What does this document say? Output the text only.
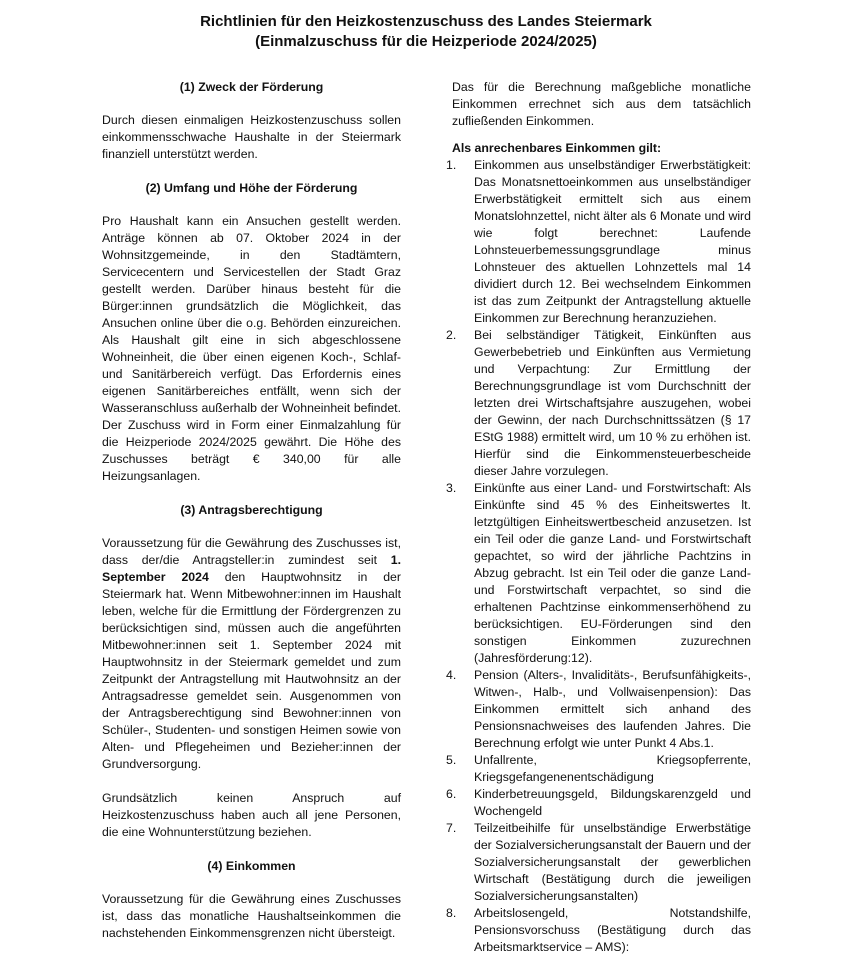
Richtlinien für den Heizkostenzuschuss des Landes Steiermark
(Einmalzuschuss für die Heizperiode 2024/2025)
(1) Zweck der Förderung

Durch diesen einmaligen Heizkostenzuschuss sollen einkommensschwache Haushalte in der Steiermark finanziell unterstützt werden.

(2) Umfang und Höhe der Förderung

Pro Haushalt kann ein Ansuchen gestellt werden. Anträge können ab 07. Oktober 2024 in der Wohnsitzgemeinde, in den Stadtämtern, Servicecentern und Servicestellen der Stadt Graz gestellt werden. Darüber hinaus besteht für die Bürger:innen grundsätzlich die Möglichkeit, das Ansuchen online über die o.g. Behörden einzureichen. Als Haushalt gilt eine in sich abgeschlossene Wohneinheit, die über einen eigenen Koch-, Schlaf- und Sanitärbereich verfügt. Das Erfordernis eines eigenen Sanitärbereiches entfällt, wenn sich der Wasseranschluss außerhalb der Wohneinheit befindet. Der Zuschuss wird in Form einer Einmalzahlung für die Heizperiode 2024/2025 gewährt. Die Höhe des Zuschusses beträgt € 340,00 für alle Heizungsanlagen.

(3) Antragsberechtigung

Voraussetzung für die Gewährung des Zuschusses ist, dass der/die Antragsteller:in zumindest seit 1. September 2024 den Hauptwohnsitz in der Steiermark hat. Wenn Mitbewohner:innen im Haushalt leben, welche für die Ermittlung der Fördergrenzen zu berücksichtigen sind, müssen auch die angeführten Mitbewohner:innen seit 1. September 2024 mit Hauptwohnsitz in der Steiermark gemeldet und zum Zeitpunkt der Antragstellung mit Hautwohnsitz an der Antragsadresse gemeldet sein. Ausgenommen von der Antragsberechtigung sind Bewohner:innen von Schüler-, Studenten- und sonstigen Heimen sowie von Alten- und Pflegeheimen und Bezieher:innen der Grundversorgung.

Grundsätzlich keinen Anspruch auf Heizkostenzuschuss haben auch all jene Personen, die eine Wohnunterstützung beziehen.

(4) Einkommen

Voraussetzung für die Gewährung eines Zuschusses ist, dass das monatliche Haushaltseinkommen die nachstehenden Einkommensgrenzen nicht übersteigt.

Das für die Berechnung maßgebliche monatliche Einkommen errechnet sich aus dem tatsächlich zufließenden Einkommen.

Als anrechenbares Einkommen gilt:
1.	Einkommen aus unselbständiger Erwerbstätigkeit: Das Monatsnettoeinkommen aus unselbständiger Erwerbstätigkeit ermittelt sich aus einem Monatslohnzettel, nicht älter als 6 Monate und wird wie folgt berechnet: Laufende Lohnsteuerbemessungsgrundlage minus Lohnsteuer des aktuellen Lohnzettels mal 14 dividiert durch 12. Bei wechselndem Einkommen ist das zum Zeitpunkt der Antragstellung aktuelle Einkommen zur Berechnung heranzuziehen.
2.	Bei selbständiger Tätigkeit, Einkünften aus Gewerbebetrieb und Einkünften aus Vermietung und Verpachtung: Zur Ermittlung der Berechnungsgrundlage ist vom Durchschnitt der letzten drei Wirtschaftsjahre auszugehen, wobei der Gewinn, der nach Durchschnittssätzen (§ 17 EStG 1988) ermittelt wird, um 10 % zu erhöhen ist. Hierfür sind die Einkommensteuerbescheide dieser Jahre vorzulegen.
3.	Einkünfte aus einer Land- und Forstwirtschaft: Als Einkünfte sind 45 % des Einheitswertes lt. letztgültigen Einheitswertbescheid anzusetzen. Ist ein Teil oder die ganze Land- und Forstwirtschaft gepachtet, so wird der jährliche Pachtzins in Abzug gebracht. Ist ein Teil oder die ganze Land- und Forstwirtschaft verpachtet, so sind die erhaltenen Pachtzinse einkommenserhöhend zu berücksichtigen. EU-Förderungen sind den sonstigen Einkommen zuzurechnen (Jahresförderung:12).
4.	Pension (Alters-, Invaliditäts-, Berufsunfähigkeits-, Witwen-, Halb-, und Vollwaisenpension): Das Einkommen ermittelt sich anhand des Pensionsnachweises des laufenden Jahres. Die Berechnung erfolgt wie unter Punkt 4 Abs.1.
5.	Unfallrente, Kriegsopferrente, Kriegsgefangenenentschädigung
6.	Kinderbetreuungsgeld, Bildungskarenzgeld und Wochengeld
7.	Teilzeitbeihilfe für unselbständige Erwerbstätige der Sozialversicherungsanstalt der Bauern und der Sozialversicherungsanstalt der gewerblichen Wirtschaft (Bestätigung durch die jeweiligen Sozialversicherungsanstalten)
8.	Arbeitslosengeld, Notstandshilfe, Pensionsvorschuss (Bestätigung durch das Arbeitsmarktservice – AMS):
